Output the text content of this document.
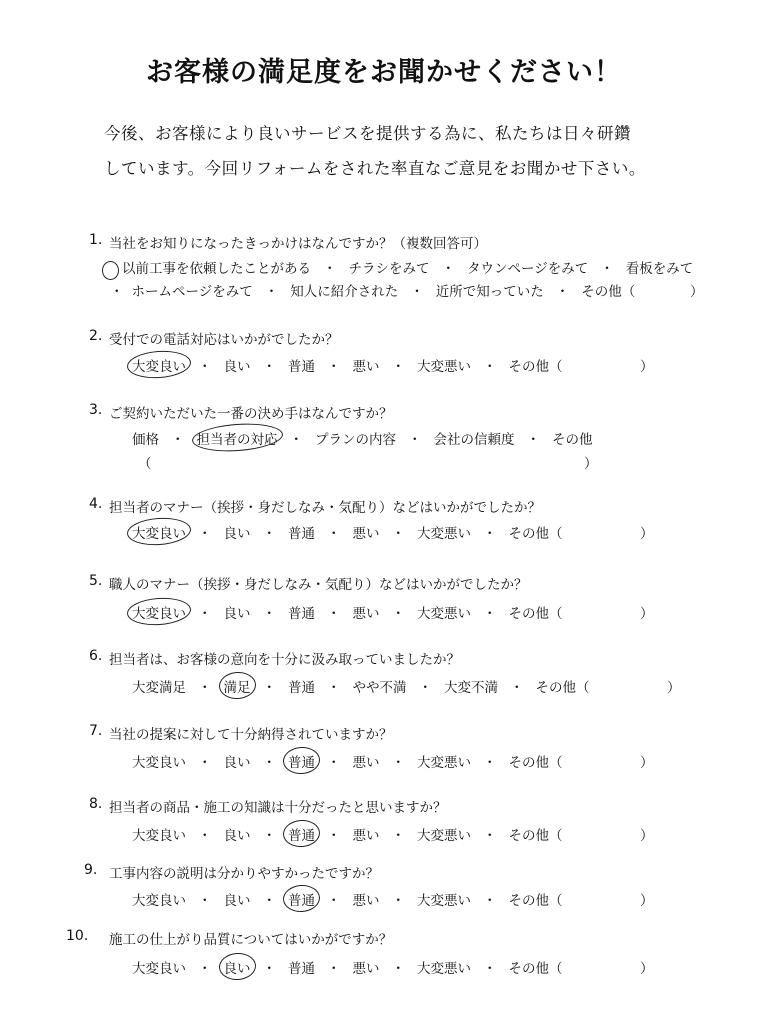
お客様の満足度をお聞かせください！
今後、お客様により良いサービスを提供する為に、私たちは日々研鑽
しています。今回リフォームをされた率直なご意見をお聞かせ下さい。
1. 当社をお知りになったきっかけはなんですか？（複数回答可）
以前工事を依頼したことがある ・ チラシをみて ・ タウンページをみて ・ 看板をみて
・ ホームページをみて ・ 知人に紹介された ・ 近所で知っていた ・ その他（	）
2. 受付での電話対応はいかがでしたか？
大変良い ・ 良い ・ 普通 ・ 悪い ・ 大変悪い ・ その他（	）
3. ご契約いただいた一番の決め手はなんですか？
価格 ・ 担当者の対応 ・ プランの内容 ・ 会社の信頼度 ・ その他
（	）
4. 担当者のマナー（挨拶・身だしなみ・気配り）などはいかがでしたか？
大変良い ・ 良い ・ 普通 ・ 悪い ・ 大変悪い ・ その他（	）
5. 職人のマナー（挨拶・身だしなみ・気配り）などはいかがでしたか？
大変良い ・ 良い ・ 普通 ・ 悪い ・ 大変悪い ・ その他（	）
6. 担当者は、お客様の意向を十分に汲み取っていましたか？
大変満足 ・ 満足 ・ 普通 ・ やや不満 ・ 大変不満 ・ その他（	）
7. 当社の提案に対して十分納得されていますか？
大変良い ・ 良い ・ 普通 ・ 悪い ・ 大変悪い ・ その他（	）
8. 担当者の商品・施工の知識は十分だったと思いますか？
大変良い ・ 良い ・ 普通 ・ 悪い ・ 大変悪い ・ その他（	）
9. 工事内容の説明は分かりやすかったですか？
大変良い ・ 良い ・ 普通 ・ 悪い ・ 大変悪い ・ その他（	）
10. 施工の仕上がり品質についてはいかがですか？
大変良い ・ 良い ・ 普通 ・ 悪い ・ 大変悪い ・ その他（	）
